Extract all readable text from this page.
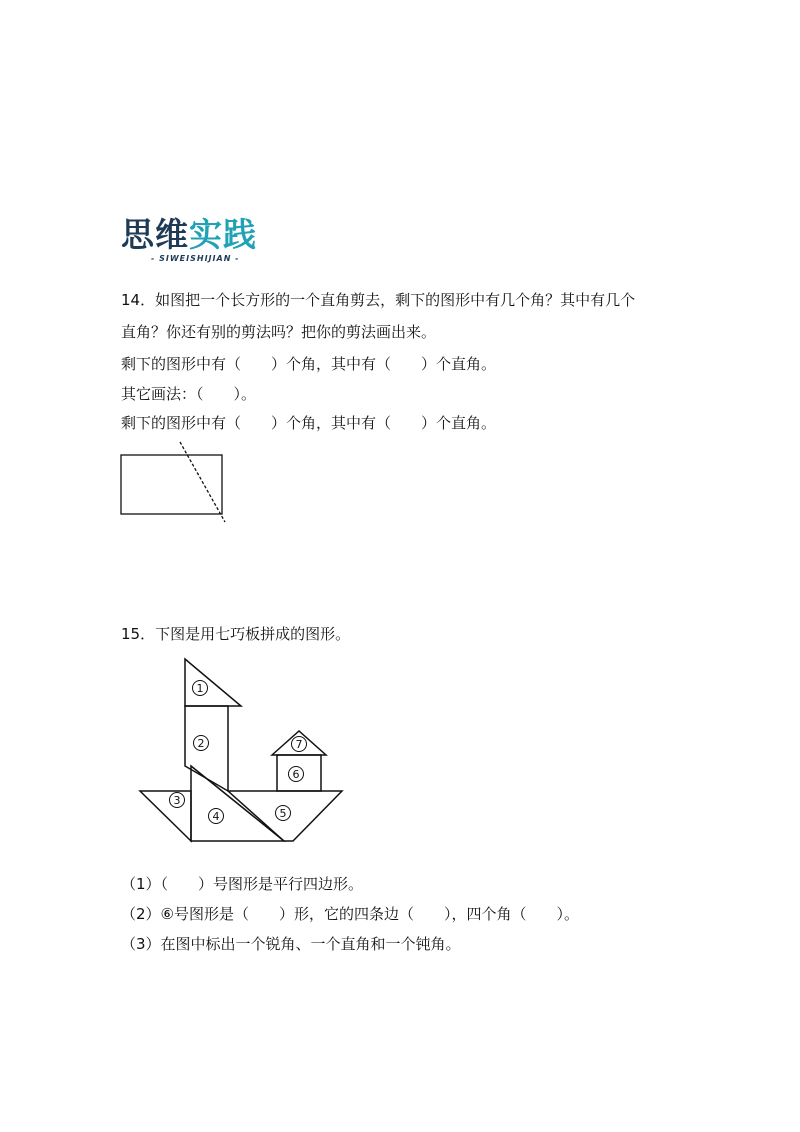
思维实践
- SIWEISHIJIAN -
14．如图把一个长方形的一个直角剪去，剩下的图形中有几个角？其中有几个
直角？你还有别的剪法吗？把你的剪法画出来。
剩下的图形中有（　　）个角，其中有（　　）个直角。
其它画法：（　　）。
剩下的图形中有（　　）个角，其中有（　　）个直角。
15．下图是用七巧板拼成的图形。
1
2
3
4	5
6
7
（1）（　　）号图形是平行四边形。
（2）⑥号图形是（　　）形，它的四条边（　　），四个角（　　）。
（3）在图中标出一个锐角、一个直角和一个钝角。
